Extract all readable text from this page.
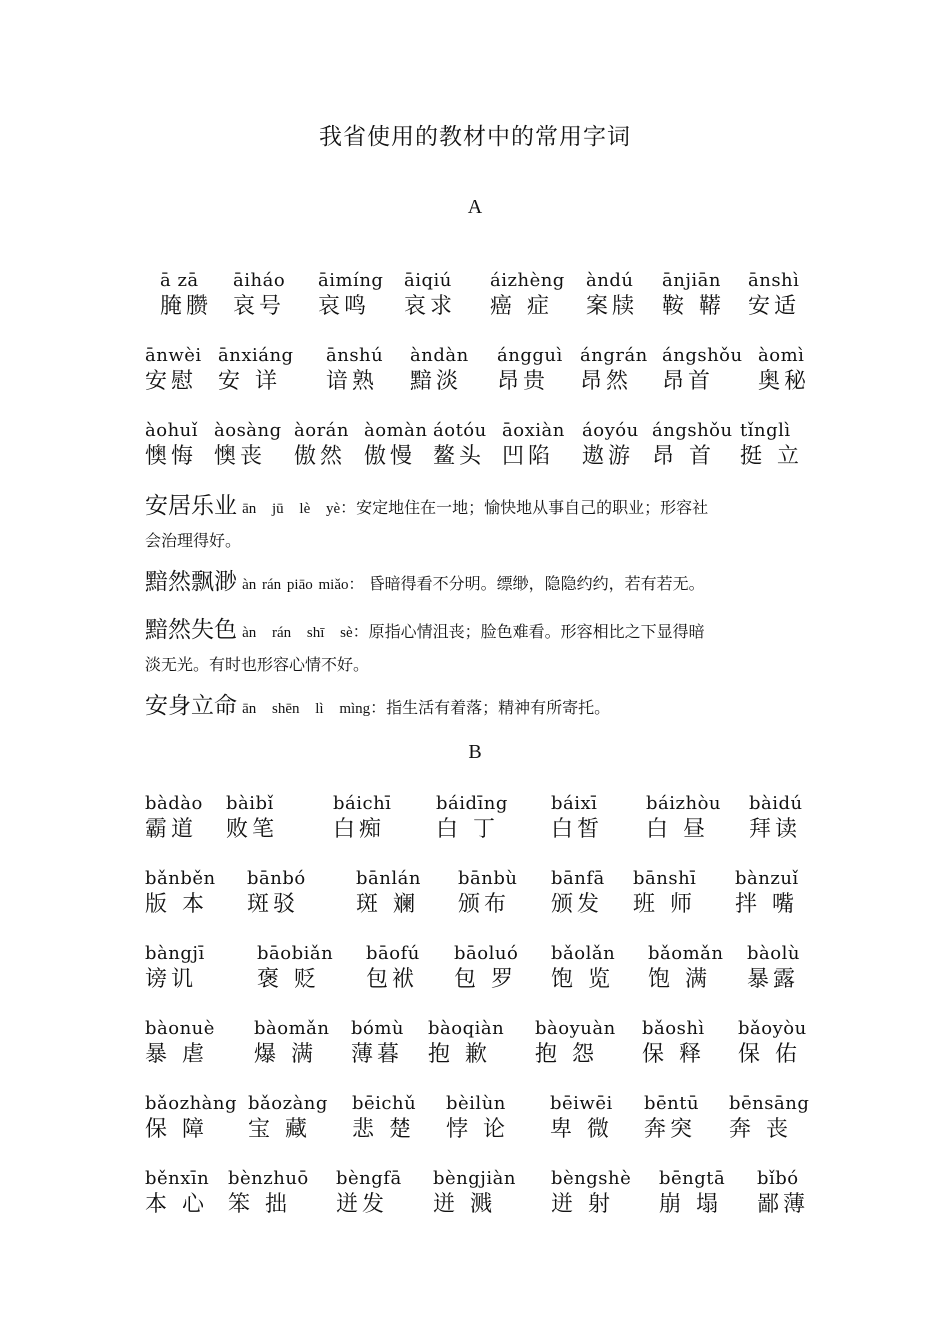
我省使用的教材中的常用字词
A
ā zā
腌臜
āiháo
哀号
āimíng
哀鸣
āiqiú
哀求
áizhèng
癌 症
àndú
案牍
ānjiān
鞍 鞯
ānshì
安适
ānwèi
安慰
ānxiáng
安 详
ānshú
谙熟
àndàn
黯淡
ángguì
昂贵
ángrán
昂然
ángshǒu
昂首
àomì
奥秘
àohuǐ
懊悔
àosàng
懊丧
àorán
傲然
àomàn
傲慢
áotóu
鳌头
āoxiàn
凹陷
áoyóu
遨游
ángshǒu
昂 首
tǐnglì
挺 立
安居乐业 ān jū lè yè：安定地住在一地；愉快地从事自己的职业；形容社
会治理得好。
黯然飘渺 àn rán piāo miǎo： 昏暗得看不分明。缥缈，隐隐约约，若有若无。
黯然失色 àn rán shī sè：原指心情沮丧；脸色难看。形容相比之下显得暗
淡无光。有时也形容心情不好。
安身立命 ān shēn lì mìng：指生活有着落；精神有所寄托。
B
bàdào
霸道
bàibǐ
败笔
báichī
白痴
báidīng
白 丁
báixī
白皙
báizhòu
白 昼
bàidú
拜读
bǎnběn
版 本
bānbó
斑驳
bānlán
斑 斓
bānbù
颁布
bānfā
颁发
bānshī
班 师
bànzuǐ
拌 嘴
bàngjī
谤讥
bāobiǎn
褒 贬
bāofú
包袱
bāoluó
包 罗
bǎolǎn
饱 览
bǎomǎn
饱 满
bàolù
暴露
bàonuè
暴 虐
bàomǎn
爆 满
bómù
薄暮
bàoqiàn
抱 歉
bàoyuàn
抱 怨
bǎoshì
保 释
bǎoyòu
保 佑
bǎozhàng
保 障
bǎozàng
宝 藏
bēichǔ
悲 楚
bèilùn
悖 论
bēiwēi
卑 微
bēntū
奔突
bēnsāng
奔 丧
běnxīn
本 心
bènzhuō
笨 拙
bèngfā
迸发
bèngjiàn
迸 溅
bèngshè
迸 射
bēngtā
崩 塌
bǐbó
鄙薄
